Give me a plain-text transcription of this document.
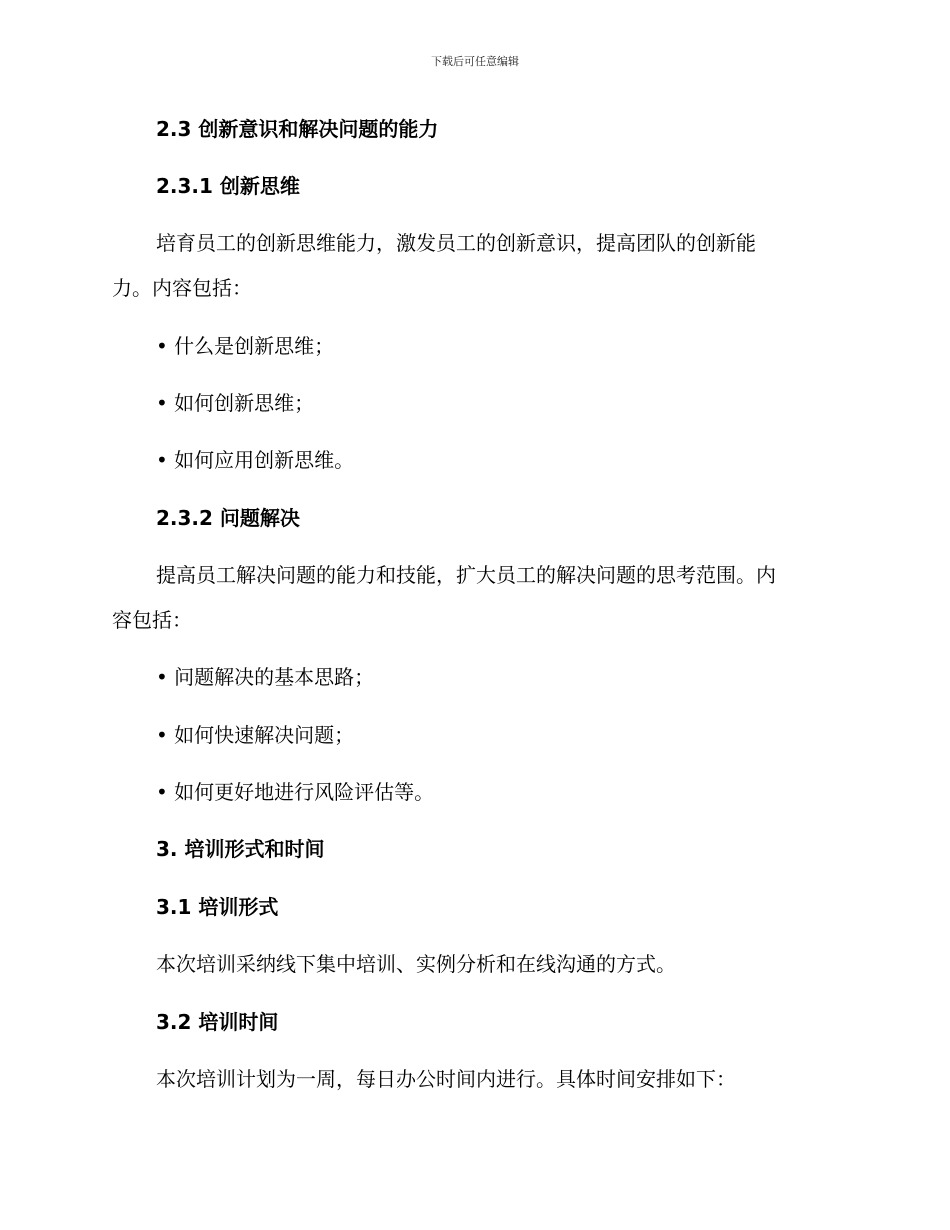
下载后可任意编辑
2.3 创新意识和解决问题的能力
2.3.1 创新思维
培育员工的创新思维能力，激发员工的创新意识，提高团队的创新能
力。内容包括：
• 什么是创新思维；
• 如何创新思维；
• 如何应用创新思维。
2.3.2 问题解决
提高员工解决问题的能力和技能，扩大员工的解决问题的思考范围。内
容包括：
• 问题解决的基本思路；
• 如何快速解决问题；
• 如何更好地进行风险评估等。
3. 培训形式和时间
3.1 培训形式
本次培训采纳线下集中培训、实例分析和在线沟通的方式。
3.2 培训时间
本次培训计划为一周，每日办公时间内进行。具体时间安排如下：
